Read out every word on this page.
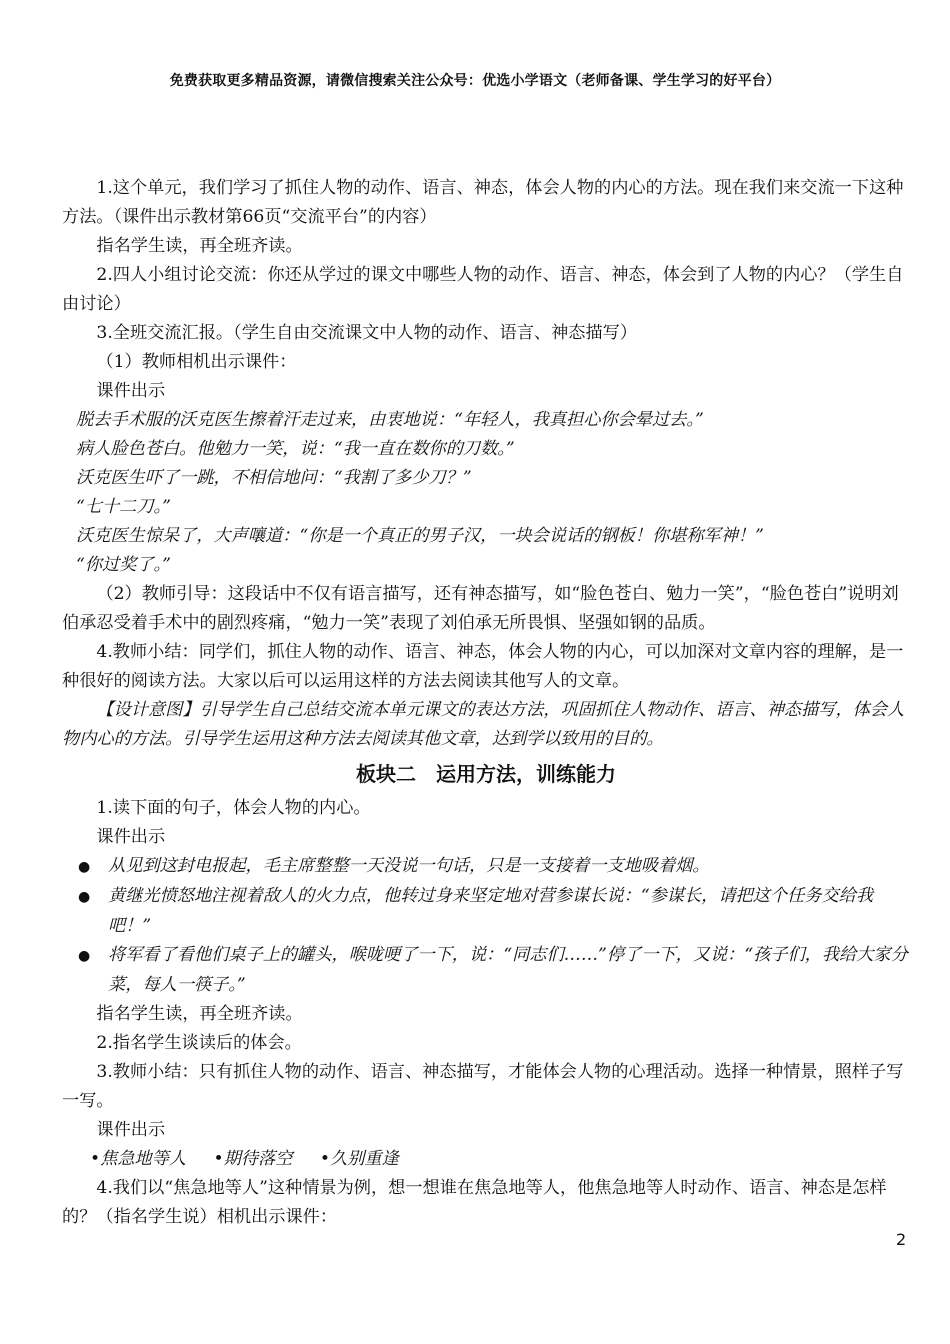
免费获取更多精品资源，请微信搜索关注公众号：优选小学语文（老师备课、学生学习的好平台）

1.这个单元，我们学习了抓住人物的动作、语言、神态，体会人物的内心的方法。现在我们来交流一下这种方法。（课件出示教材第66页“交流平台”的内容）

指名学生读，再全班齐读。

2.四人小组讨论交流：你还从学过的课文中哪些人物的动作、语言、神态，体会到了人物的内心？（学生自由讨论）

3.全班交流汇报。（学生自由交流课文中人物的动作、语言、神态描写）

（1）教师相机出示课件：

课件出示

脱去手术服的沃克医生擦着汗走过来，由衷地说：“年轻人，我真担心你会晕过去。”

病人脸色苍白。他勉力一笑，说：“我一直在数你的刀数。”

沃克医生吓了一跳，不相信地问：“我割了多少刀？”

“七十二刀。”

沃克医生惊呆了，大声嚷道：“你是一个真正的男子汉，一块会说话的钢板！你堪称军神！”

“你过奖了。”

（2）教师引导：这段话中不仅有语言描写，还有神态描写，如“脸色苍白、勉力一笑”，“脸色苍白”说明刘伯承忍受着手术中的剧烈疼痛，“勉力一笑”表现了刘伯承无所畏惧、坚强如钢的品质。

4.教师小结：同学们，抓住人物的动作、语言、神态，体会人物的内心，可以加深对文章内容的理解，是一种很好的阅读方法。大家以后可以运用这样的方法去阅读其他写人的文章。

【设计意图】引导学生自己总结交流本单元课文的表达方法，巩固抓住人物动作、语言、神态描写，体会人物内心的方法。引导学生运用这种方法去阅读其他文章，达到学以致用的目的。

板块二　运用方法，训练能力

1.读下面的句子，体会人物的内心。

课件出示

● 从见到这封电报起，毛主席整整一天没说一句话，只是一支接着一支地吸着烟。

● 黄继光愤怒地注视着敌人的火力点，他转过身来坚定地对营参谋长说：“参谋长，请把这个任务交给我吧！”

● 将军看了看他们桌子上的罐头，喉咙哽了一下，说：“同志们……”停了一下，又说：“孩子们，我给大家分菜，每人一筷子。”

指名学生读，再全班齐读。

2.指名学生谈读后的体会。

3.教师小结：只有抓住人物的动作、语言、神态描写，才能体会人物的心理活动。选择一种情景，照样子写一写。

课件出示

•焦急地等人 •期待落空 •久别重逢

4.我们以“焦急地等人”这种情景为例，想一想谁在焦急地等人，他焦急地等人时动作、语言、神态是怎样的？（指名学生说）相机出示课件：

2
